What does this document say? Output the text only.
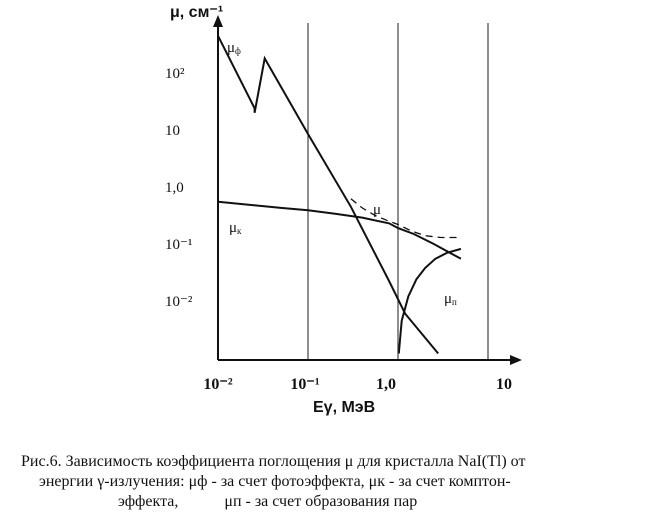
10²
10
1,0
10⁻¹
10⁻²
10⁻²	10⁻¹	1,0	10
μф
μк
μ
μп
μ, см⁻¹
Eγ, МэВ
Рис.6. Зависимость коэффициента поглощения μ для кристалла NaI(Tl) от
энергии γ-излучения: μф - за счет фотоэффекта, μк - за счет комптон-
эффекта,	μп - за счет образования пар
